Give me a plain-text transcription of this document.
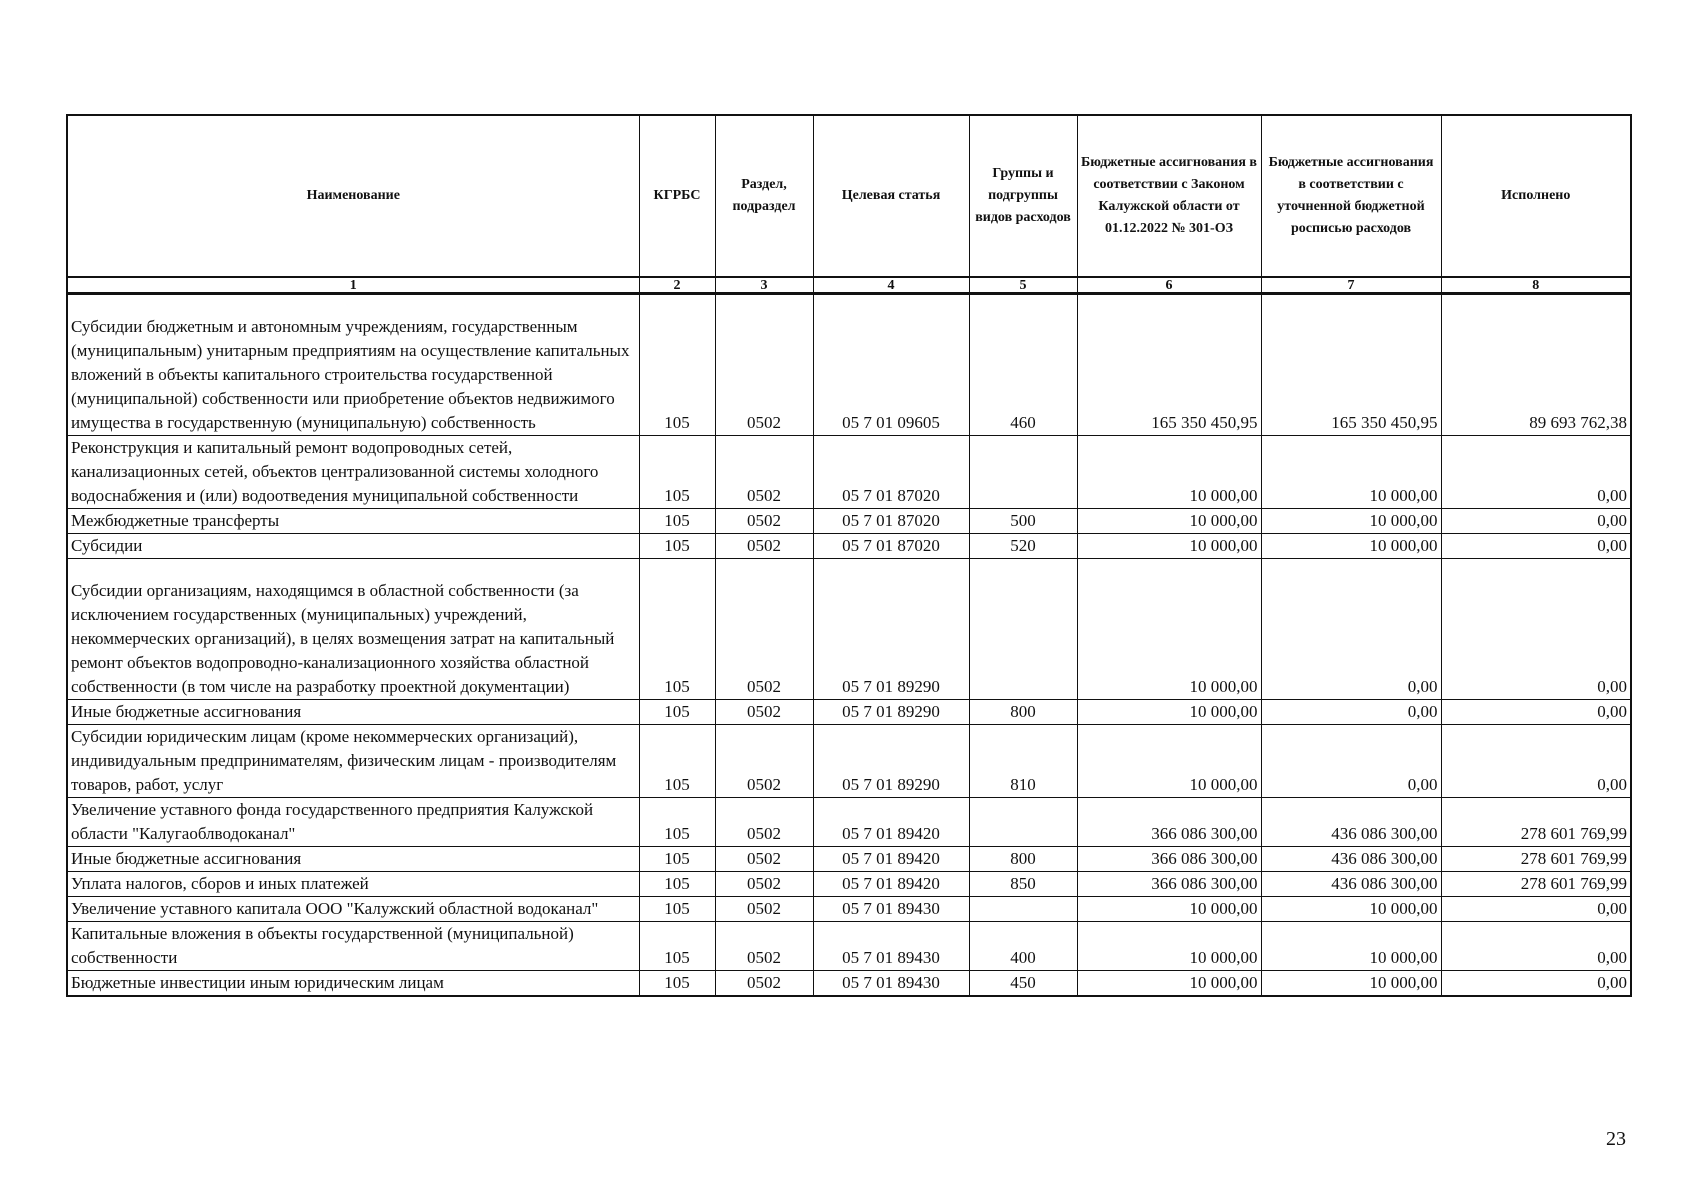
Наименование	КГРБС	Раздел, подраздел	Целевая статья	Группы и подгруппы видов расходов	Бюджетные ассигнования в соответствии с Законом Калужской области от 01.12.2022 № 301-ОЗ	Бюджетные ассигнования в соответствии с уточненной бюджетной росписью расходов	Исполнено
1	2	3	4	5	6	7	8
Субсидии бюджетным и автономным учреждениям, государственным (муниципальным) унитарным предприятиям на осуществление капитальных вложений в объекты капитального строительства государственной (муниципальной) собственности или приобретение объектов недвижимого имущества в государственную (муниципальную) собственность	105	0502	05 7 01 09605	460	165 350 450,95	165 350 450,95	89 693 762,38
Реконструкция и капитальный ремонт водопроводных сетей, канализационных сетей, объектов централизованной системы холодного водоснабжения и (или) водоотведения муниципальной собственности	105	0502	05 7 01 87020		10 000,00	10 000,00	0,00
Межбюджетные трансферты	105	0502	05 7 01 87020	500	10 000,00	10 000,00	0,00
Субсидии	105	0502	05 7 01 87020	520	10 000,00	10 000,00	0,00
Субсидии организациям, находящимся в областной собственности (за исключением государственных (муниципальных) учреждений, некоммерческих организаций), в целях возмещения затрат на капитальный ремонт объектов водопроводно-канализационного хозяйства областной собственности (в том числе на разработку проектной документации)	105	0502	05 7 01 89290		10 000,00	0,00	0,00
Иные бюджетные ассигнования	105	0502	05 7 01 89290	800	10 000,00	0,00	0,00
Субсидии юридическим лицам (кроме некоммерческих организаций), индивидуальным предпринимателям, физическим лицам - производителям товаров, работ, услуг	105	0502	05 7 01 89290	810	10 000,00	0,00	0,00
Увеличение уставного фонда государственного предприятия Калужской области "Калугаоблводоканал"	105	0502	05 7 01 89420		366 086 300,00	436 086 300,00	278 601 769,99
Иные бюджетные ассигнования	105	0502	05 7 01 89420	800	366 086 300,00	436 086 300,00	278 601 769,99
Уплата налогов, сборов и иных платежей	105	0502	05 7 01 89420	850	366 086 300,00	436 086 300,00	278 601 769,99
Увеличение уставного капитала ООО "Калужский областной водоканал"	105	0502	05 7 01 89430		10 000,00	10 000,00	0,00
Капитальные вложения в объекты государственной (муниципальной) собственности	105	0502	05 7 01 89430	400	10 000,00	10 000,00	0,00
Бюджетные инвестиции иным юридическим лицам	105	0502	05 7 01 89430	450	10 000,00	10 000,00	0,00
23
